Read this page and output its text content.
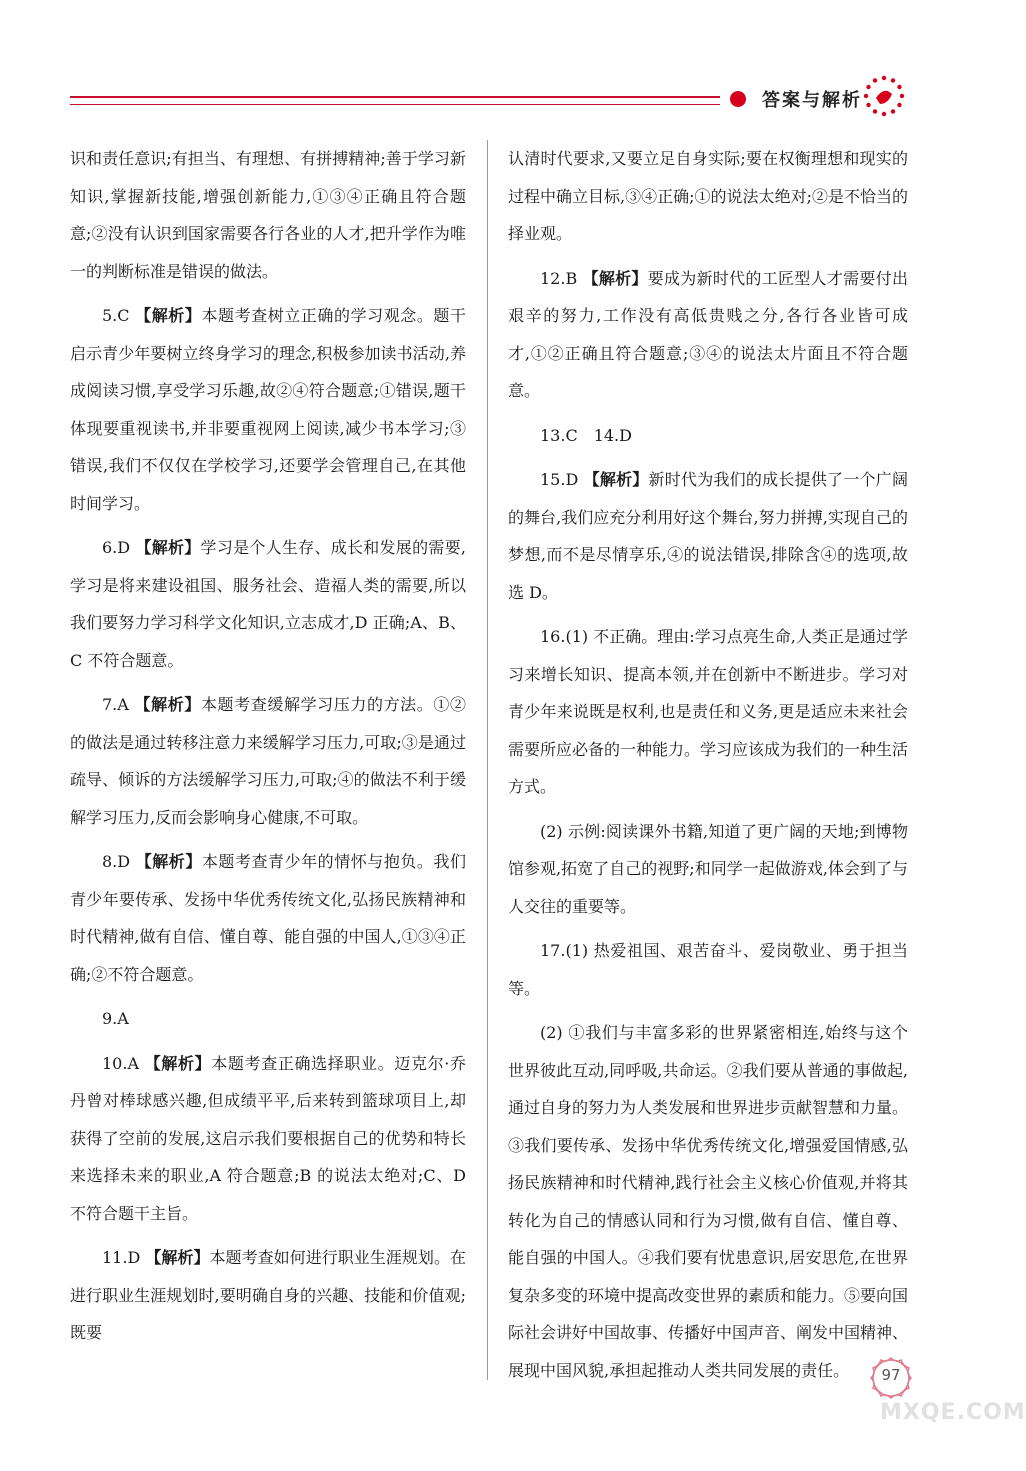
答案与解析

识和责任意识;有担当、有理想、有拼搏精神;善于学习新知识,掌握新技能,增强创新能力,①③④正确且符合题意;②没有认识到国家需要各行各业的人才,把升学作为唯一的判断标准是错误的做法。

5.C 【解析】本题考查树立正确的学习观念。题干启示青少年要树立终身学习的理念,积极参加读书活动,养成阅读习惯,享受学习乐趣,故②④符合题意;①错误,题干体现要重视读书,并非要重视网上阅读,减少书本学习;③错误,我们不仅仅在学校学习,还要学会管理自己,在其他时间学习。

6.D 【解析】学习是个人生存、成长和发展的需要,学习是将来建设祖国、服务社会、造福人类的需要,所以我们要努力学习科学文化知识,立志成才,D 正确;A、B、C 不符合题意。

7.A 【解析】本题考查缓解学习压力的方法。①②的做法是通过转移注意力来缓解学习压力,可取;③是通过疏导、倾诉的方法缓解学习压力,可取;④的做法不利于缓解学习压力,反而会影响身心健康,不可取。

8.D 【解析】本题考查青少年的情怀与抱负。我们青少年要传承、发扬中华优秀传统文化,弘扬民族精神和时代精神,做有自信、懂自尊、能自强的中国人,①③④正确;②不符合题意。

9.A

10.A 【解析】本题考查正确选择职业。迈克尔·乔丹曾对棒球感兴趣,但成绩平平,后来转到篮球项目上,却获得了空前的发展,这启示我们要根据自己的优势和特长来选择未来的职业,A 符合题意;B 的说法太绝对;C、D 不符合题干主旨。

11.D 【解析】本题考查如何进行职业生涯规划。在进行职业生涯规划时,要明确自身的兴趣、技能和价值观;既要

认清时代要求,又要立足自身实际;要在权衡理想和现实的过程中确立目标,③④正确;①的说法太绝对;②是不恰当的择业观。

12.B 【解析】要成为新时代的工匠型人才需要付出艰辛的努力,工作没有高低贵贱之分,各行各业皆可成才,①②正确且符合题意;③④的说法太片面且不符合题意。

13.C　14.D

15.D 【解析】新时代为我们的成长提供了一个广阔的舞台,我们应充分利用好这个舞台,努力拼搏,实现自己的梦想,而不是尽情享乐,④的说法错误,排除含④的选项,故选 D。

16.(1) 不正确。理由:学习点亮生命,人类正是通过学习来增长知识、提高本领,并在创新中不断进步。学习对青少年来说既是权利,也是责任和义务,更是适应未来社会需要所应必备的一种能力。学习应该成为我们的一种生活方式。

(2) 示例:阅读课外书籍,知道了更广阔的天地;到博物馆参观,拓宽了自己的视野;和同学一起做游戏,体会到了与人交往的重要等。

17.(1) 热爱祖国、艰苦奋斗、爱岗敬业、勇于担当等。

(2) ①我们与丰富多彩的世界紧密相连,始终与这个世界彼此互动,同呼吸,共命运。②我们要从普通的事做起,通过自身的努力为人类发展和世界进步贡献智慧和力量。③我们要传承、发扬中华优秀传统文化,增强爱国情感,弘扬民族精神和时代精神,践行社会主义核心价值观,并将其转化为自己的情感认同和行为习惯,做有自信、懂自尊、能自强的中国人。④我们要有忧患意识,居安思危,在世界复杂多变的环境中提高改变世界的素质和能力。⑤要向国际社会讲好中国故事、传播好中国声音、阐发中国精神、展现中国风貌,承担起推动人类共同发展的责任。	97
MXQE.COM
